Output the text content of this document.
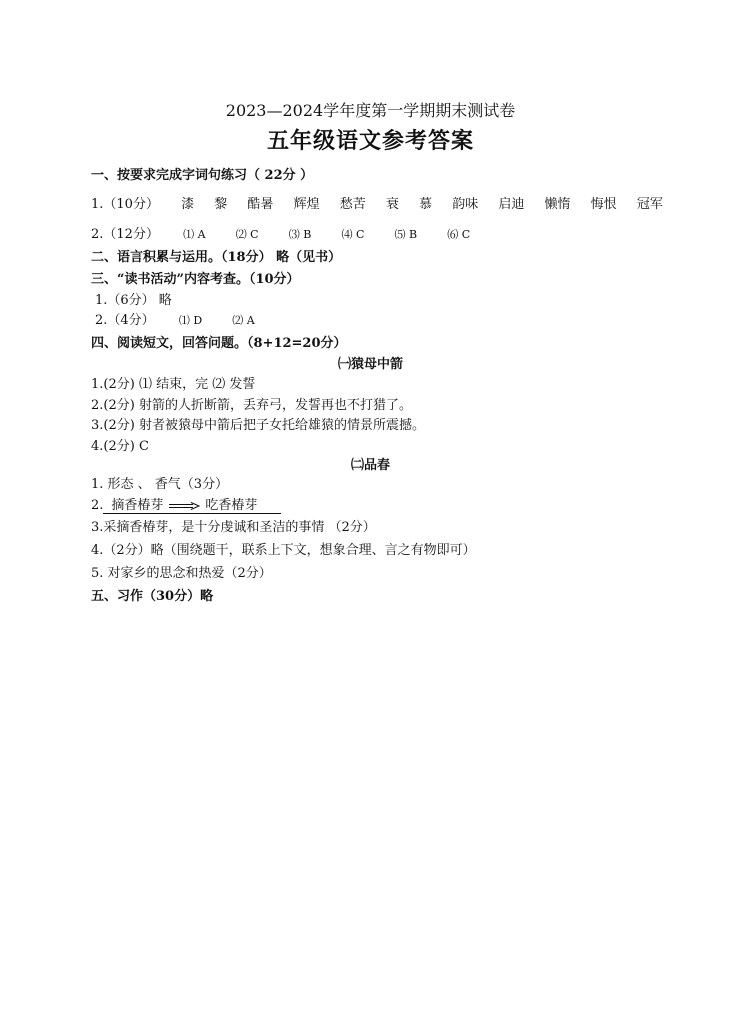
2023—2024学年度第一学期期末测试卷
五年级语文参考答案
一、按要求完成字词句练习（ 22分 ）
1.（10分） 漆 黎 酷暑 辉煌 愁苦 衰 慕 韵味 启迪 懒惰 悔恨 冠军
2.（12分） ⑴ A	⑵ C	⑶ B	⑷ C	⑸ B	⑹ C
二、语言积累与运用。（18分） 略（见书）
三、“读书活动”内容考查。（10分）
1.（6分） 略
2.（4分） ⑴ D	⑵ A
四、阅读短文，回答问题。（8+12=20分）
㈠猿母中箭
1.(2分) ⑴ 结束，完 ⑵ 发誓
2.(2分) 射箭的人折断箭，丢弃弓，发誓再也不打猎了。
3.(2分) 射者被猿母中箭后把子女托给雄猿的情景所震撼。
4.(2分) C
㈡品春
1. 形态 、 香气（3分）
2. 摘香椿芽	吃香椿芽
3.采摘香椿芽，是十分虔诚和圣洁的事情 （2分）
4.（2分）略（围绕题干，联系上下文，想象合理、言之有物即可）
5. 对家乡的思念和热爱（2分）
五、习作（30分）略
